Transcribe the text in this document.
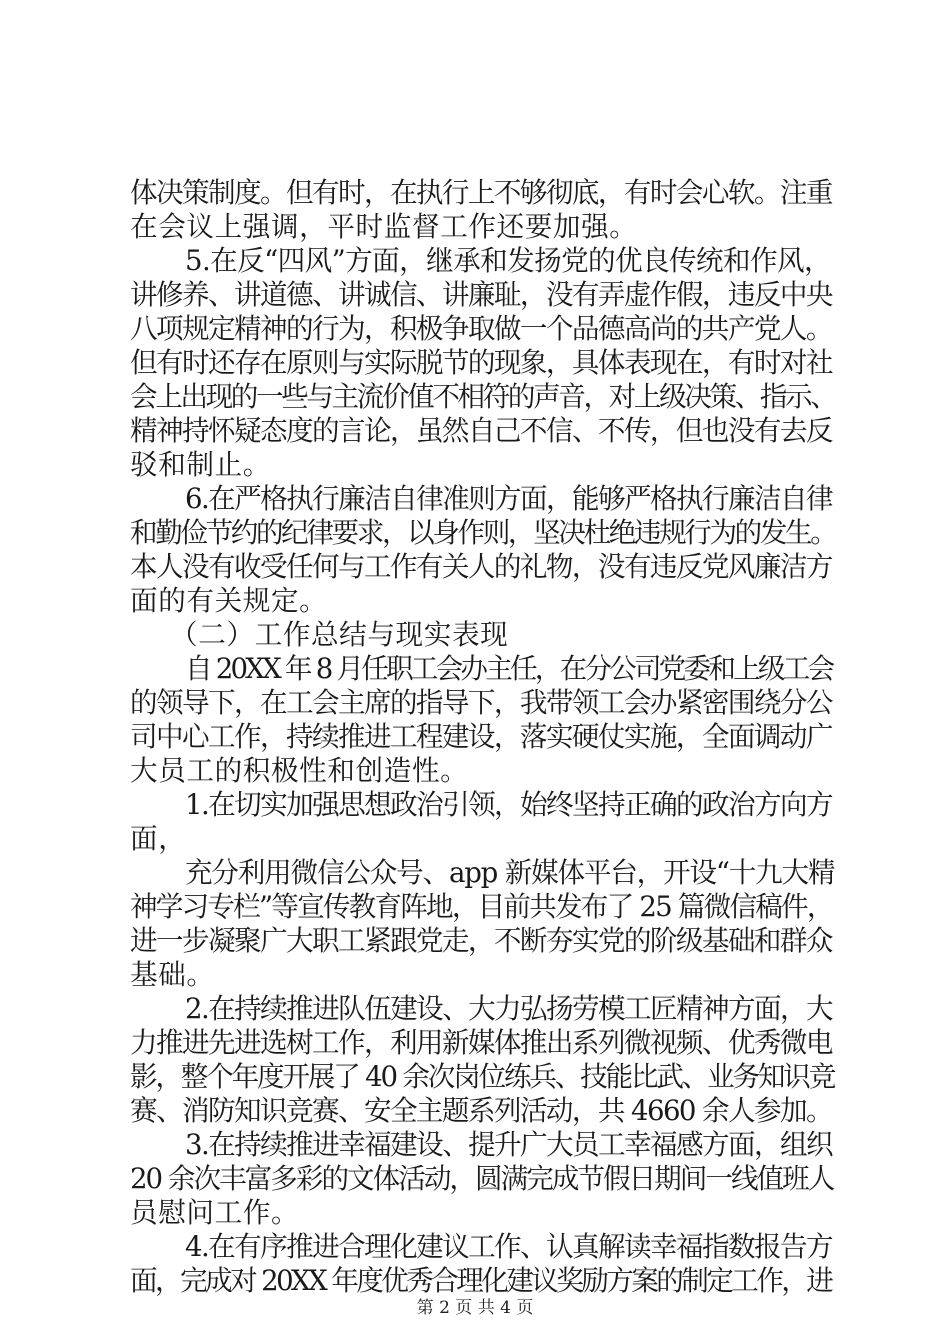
体决策制度。但有时，在执行上不够彻底，有时会心软。注重
在会议上强调，平时监督工作还要加强。
5.在反“四风”方面，继承和发扬党的优良传统和作风，
讲修养、讲道德、讲诚信、讲廉耻，没有弄虚作假，违反中央
八项规定精神的行为，积极争取做一个品德高尚的共产党人。
但有时还存在原则与实际脱节的现象，具体表现在，有时对社
会上出现的一些与主流价值不相符的声音，对上级决策、指示、
精神持怀疑态度的言论，虽然自己不信、不传，但也没有去反
驳和制止。
6.在严格执行廉洁自律准则方面，能够严格执行廉洁自律
和勤俭节约的纪律要求，以身作则，坚决杜绝违规行为的发生。
本人没有收受任何与工作有关人的礼物，没有违反党风廉洁方
面的有关规定。
（二）工作总结与现实表现
自 20XX 年 8 月任职工会办主任，在分公司党委和上级工会
的领导下，在工会主席的指导下，我带领工会办紧密围绕分公
司中心工作，持续推进工程建设，落实硬仗实施，全面调动广
大员工的积极性和创造性。
1.在切实加强思想政治引领，始终坚持正确的政治方向方
面，
充分利用微信公众号、app 新媒体平台，开设“十九大精
神学习专栏”等宣传教育阵地，目前共发布了 25 篇微信稿件，
进一步凝聚广大职工紧跟党走，不断夯实党的阶级基础和群众
基础。
2.在持续推进队伍建设、大力弘扬劳模工匠精神方面，大
力推进先进选树工作，利用新媒体推出系列微视频、优秀微电
影，整个年度开展了 40 余次岗位练兵、技能比武、业务知识竞
赛、消防知识竞赛、安全主题系列活动，共 4660 余人参加。
3.在持续推进幸福建设、提升广大员工幸福感方面，组织
20 余次丰富多彩的文体活动，圆满完成节假日期间一线值班人
员慰问工作。
4.在有序推进合理化建议工作、认真解读幸福指数报告方
面，完成对 20XX 年度优秀合理化建议奖励方案的制定工作，进
第 2 页 共 4 页
